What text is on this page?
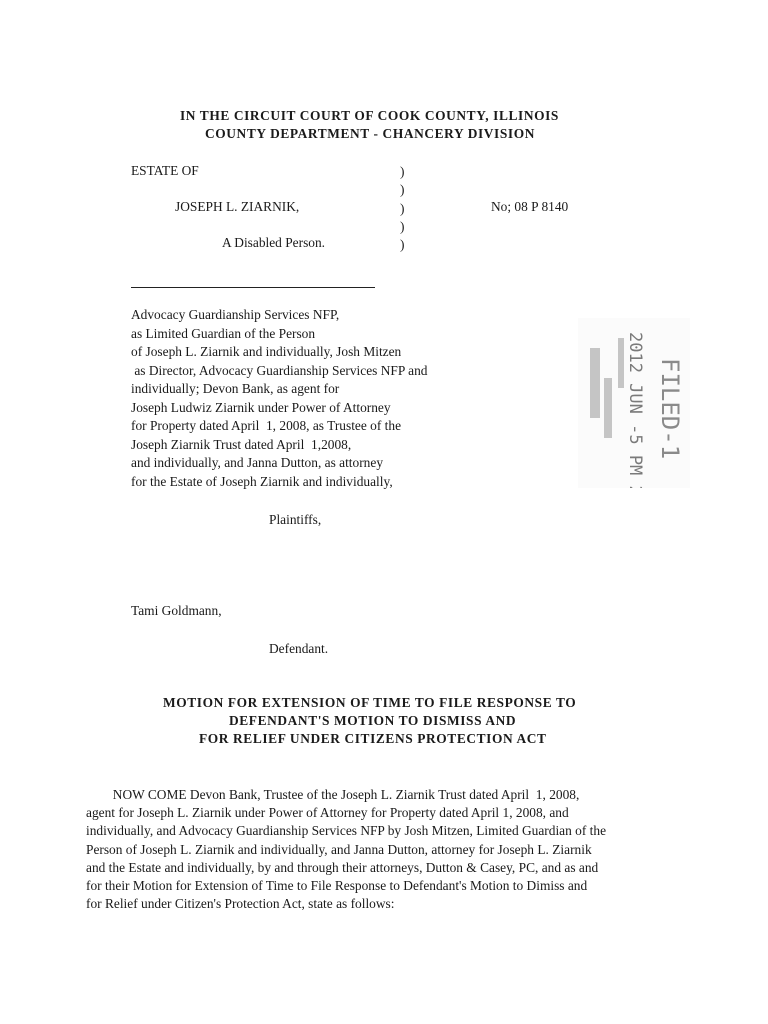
IN THE CIRCUIT COURT OF COOK COUNTY, ILLINOIS
COUNTY DEPARTMENT - CHANCERY DIVISION
ESTATE OF
JOSEPH L. ZIARNIK,
A Disabled Person.
)
)
)
)
)
No; 08 P 8140
Advocacy Guardianship Services NFP,
as Limited Guardian of the Person
of Joseph L. Ziarnik and individually, Josh Mitzen
as Director, Advocacy Guardianship Services NFP and
individually; Devon Bank, as agent for
Joseph Ludwiz Ziarnik under Power of Attorney
for Property dated April  1, 2008, as Trustee of the
Joseph Ziarnik Trust dated April  1,2008,
and individually, and Janna Dutton, as attorney
for the Estate of Joseph Ziarnik and individually,
Plaintiffs,
Tami Goldmann,
Defendant.
2012 JUN -5 PM 2:55 FILED-1
MOTION FOR EXTENSION OF TIME TO FILE RESPONSE TO
DEFENDANT'S MOTION TO DISMISS AND
FOR RELIEF UNDER CITIZENS PROTECTION ACT
NOW COME Devon Bank, Trustee of the Joseph L. Ziarnik Trust dated April  1, 2008,
agent for Joseph L. Ziarnik under Power of Attorney for Property dated April 1, 2008, and
individually, and Advocacy Guardianship Services NFP by Josh Mitzen, Limited Guardian of the
Person of Joseph L. Ziarnik and individually, and Janna Dutton, attorney for Joseph L. Ziarnik
and the Estate and individually, by and through their attorneys, Dutton & Casey, PC, and as and
for their Motion for Extension of Time to File Response to Defendant's Motion to Dimiss and
for Relief under Citizen's Protection Act, state as follows:
